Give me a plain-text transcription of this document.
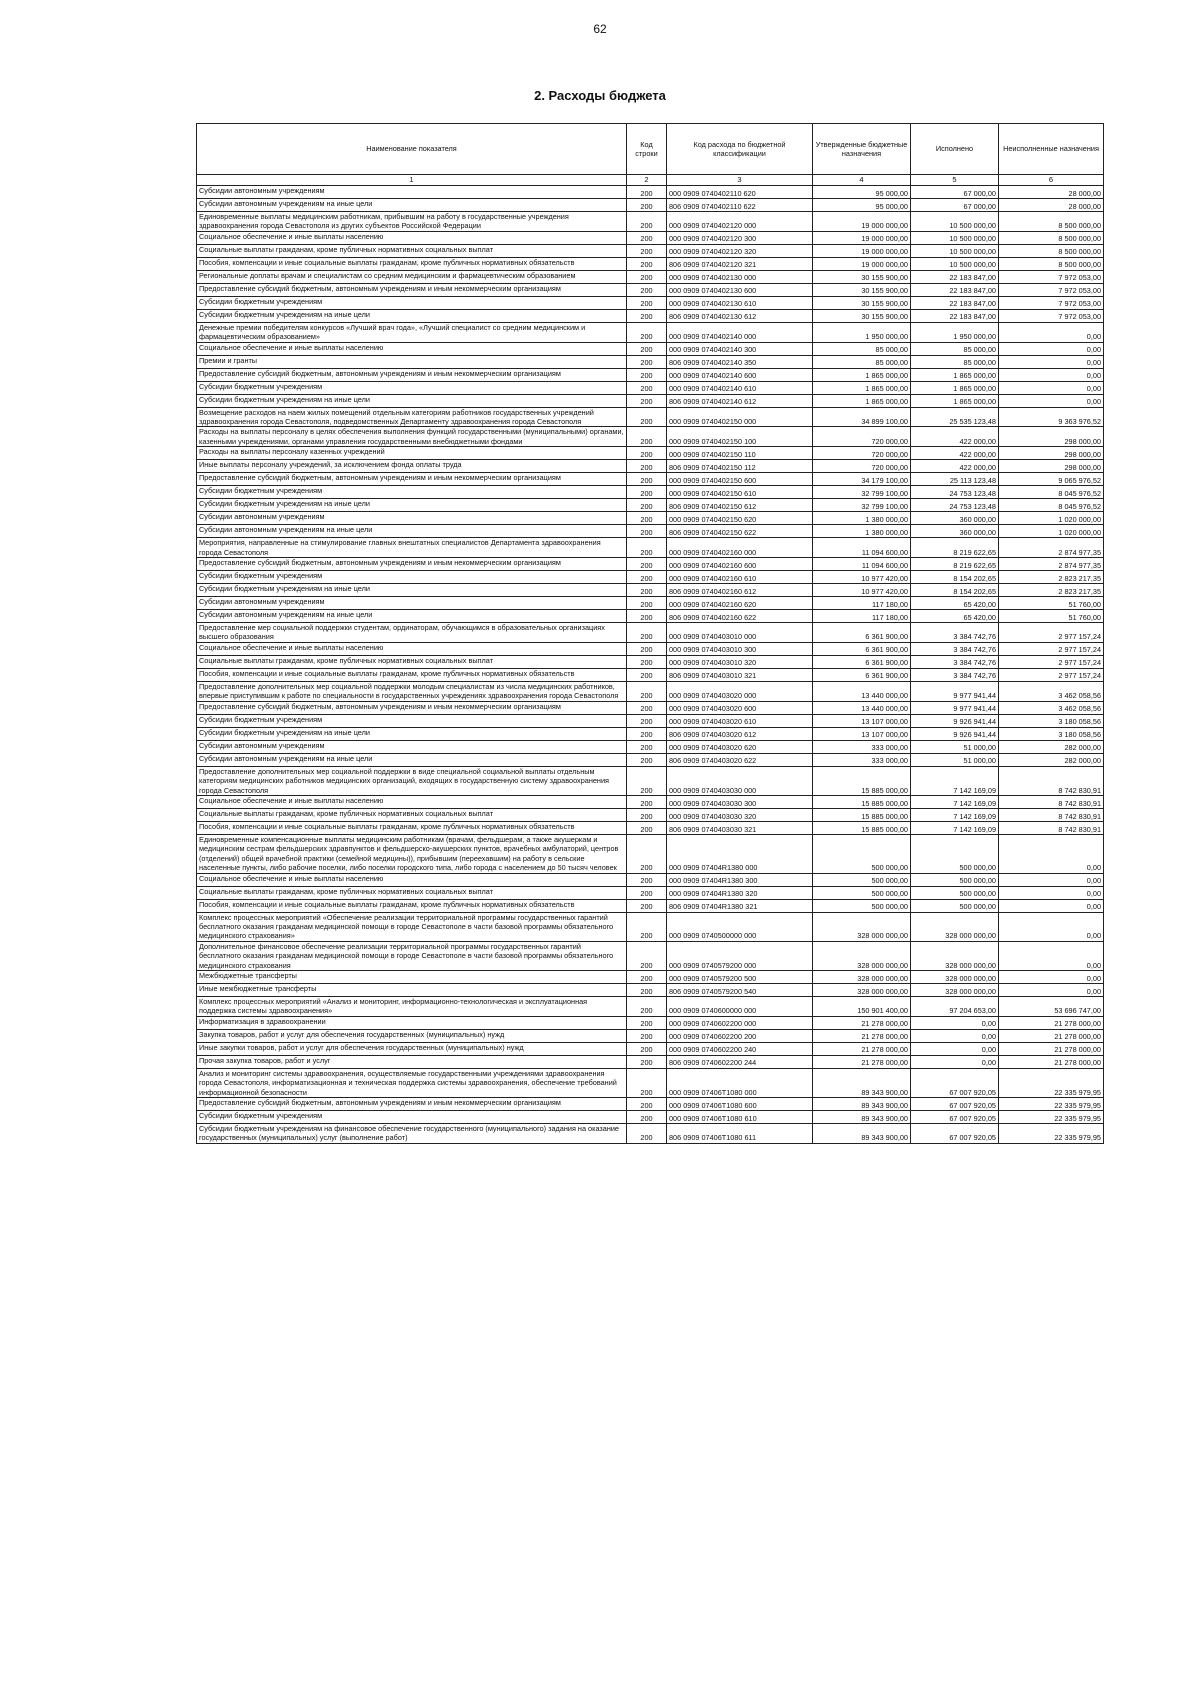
62
2. Расходы бюджета
Наименование показателя	Код строки	Код расхода по бюджетной классификации	Утвержденные бюджетные назначения	Исполнено	Неисполненные назначения
1	2	3	4	5	6
Субсидии автономным учреждениям	200	000 0909 0740402110 620	95 000,00	67 000,00	28 000,00
Субсидии автономным учреждениям на иные цели	200	806 0909 0740402110 622	95 000,00	67 000,00	28 000,00
Единовременные выплаты медицинским работникам, прибывшим на работу в государственные учреждения здравоохранения города Севастополя из других субъектов Российской Федерации	200	000 0909 0740402120 000	19 000 000,00	10 500 000,00	8 500 000,00
Социальное обеспечение и иные выплаты населению	200	000 0909 0740402120 300	19 000 000,00	10 500 000,00	8 500 000,00
Социальные выплаты гражданам, кроме публичных нормативных социальных выплат	200	000 0909 0740402120 320	19 000 000,00	10 500 000,00	8 500 000,00
Пособия, компенсации и иные социальные выплаты гражданам, кроме публичных нормативных обязательств	200	806 0909 0740402120 321	19 000 000,00	10 500 000,00	8 500 000,00
Региональные доплаты врачам и специалистам со средним медицинским и фармацевтическим образованием	200	000 0909 0740402130 000	30 155 900,00	22 183 847,00	7 972 053,00
Предоставление субсидий бюджетным, автономным учреждениям и иным некоммерческим организациям	200	000 0909 0740402130 600	30 155 900,00	22 183 847,00	7 972 053,00
Субсидии бюджетным учреждениям	200	000 0909 0740402130 610	30 155 900,00	22 183 847,00	7 972 053,00
Субсидии бюджетным учреждениям на иные цели	200	806 0909 0740402130 612	30 155 900,00	22 183 847,00	7 972 053,00
Денежные премии победителям конкурсов «Лучший врач года», «Лучший специалист со средним медицинским и фармацевтическим образованием»	200	000 0909 0740402140 000	1 950 000,00	1 950 000,00	0,00
Социальное обеспечение и иные выплаты населению	200	000 0909 0740402140 300	85 000,00	85 000,00	0,00
Премии и гранты	200	806 0909 0740402140 350	85 000,00	85 000,00	0,00
Предоставление субсидий бюджетным, автономным учреждениям и иным некоммерческим организациям	200	000 0909 0740402140 600	1 865 000,00	1 865 000,00	0,00
Субсидии бюджетным учреждениям	200	000 0909 0740402140 610	1 865 000,00	1 865 000,00	0,00
Субсидии бюджетным учреждениям на иные цели	200	806 0909 0740402140 612	1 865 000,00	1 865 000,00	0,00
Возмещение расходов на наем жилых помещений отдельным категориям работников государственных учреждений здравоохранения города Севастополя, подведомственных Департаменту здравоохранения города Севастополя	200	000 0909 0740402150 000	34 899 100,00	25 535 123,48	9 363 976,52
Расходы на выплаты персоналу в целях обеспечения выполнения функций государственными (муниципальными) органами, казенными учреждениями, органами управления государственными внебюджетными фондами	200	000 0909 0740402150 100	720 000,00	422 000,00	298 000,00
Расходы на выплаты персоналу казенных учреждений	200	000 0909 0740402150 110	720 000,00	422 000,00	298 000,00
Иные выплаты персоналу учреждений, за исключением фонда оплаты труда	200	806 0909 0740402150 112	720 000,00	422 000,00	298 000,00
Предоставление субсидий бюджетным, автономным учреждениям и иным некоммерческим организациям	200	000 0909 0740402150 600	34 179 100,00	25 113 123,48	9 065 976,52
Субсидии бюджетным учреждениям	200	000 0909 0740402150 610	32 799 100,00	24 753 123,48	8 045 976,52
Субсидии бюджетным учреждениям на иные цели	200	806 0909 0740402150 612	32 799 100,00	24 753 123,48	8 045 976,52
Субсидии автономным учреждениям	200	000 0909 0740402150 620	1 380 000,00	360 000,00	1 020 000,00
Субсидии автономным учреждениям на иные цели	200	806 0909 0740402150 622	1 380 000,00	360 000,00	1 020 000,00
Мероприятия, направленные на стимулирование главных внештатных специалистов Департамента здравоохранения города Севастополя	200	000 0909 0740402160 000	11 094 600,00	8 219 622,65	2 874 977,35
Предоставление субсидий бюджетным, автономным учреждениям и иным некоммерческим организациям	200	000 0909 0740402160 600	11 094 600,00	8 219 622,65	2 874 977,35
Субсидии бюджетным учреждениям	200	000 0909 0740402160 610	10 977 420,00	8 154 202,65	2 823 217,35
Субсидии бюджетным учреждениям на иные цели	200	806 0909 0740402160 612	10 977 420,00	8 154 202,65	2 823 217,35
Субсидии автономным учреждениям	200	000 0909 0740402160 620	117 180,00	65 420,00	51 760,00
Субсидии автономным учреждениям на иные цели	200	806 0909 0740402160 622	117 180,00	65 420,00	51 760,00
Предоставление мер социальной поддержки студентам, ординаторам, обучающимся в образовательных организациях высшего образования	200	000 0909 0740403010 000	6 361 900,00	3 384 742,76	2 977 157,24
Социальное обеспечение и иные выплаты населению	200	000 0909 0740403010 300	6 361 900,00	3 384 742,76	2 977 157,24
Социальные выплаты гражданам, кроме публичных нормативных социальных выплат	200	000 0909 0740403010 320	6 361 900,00	3 384 742,76	2 977 157,24
Пособия, компенсации и иные социальные выплаты гражданам, кроме публичных нормативных обязательств	200	806 0909 0740403010 321	6 361 900,00	3 384 742,76	2 977 157,24
Предоставление дополнительных мер социальной поддержки молодым специалистам из числа медицинских работников, впервые приступившим к работе по специальности в государственных учреждениях здравоохранения города Севастополя	200	000 0909 0740403020 000	13 440 000,00	9 977 941,44	3 462 058,56
Предоставление субсидий бюджетным, автономным учреждениям и иным некоммерческим организациям	200	000 0909 0740403020 600	13 440 000,00	9 977 941,44	3 462 058,56
Субсидии бюджетным учреждениям	200	000 0909 0740403020 610	13 107 000,00	9 926 941,44	3 180 058,56
Субсидии бюджетным учреждениям на иные цели	200	806 0909 0740403020 612	13 107 000,00	9 926 941,44	3 180 058,56
Субсидии автономным учреждениям	200	000 0909 0740403020 620	333 000,00	51 000,00	282 000,00
Субсидии автономным учреждениям на иные цели	200	806 0909 0740403020 622	333 000,00	51 000,00	282 000,00
Предоставление дополнительных мер социальной поддержки в виде специальной социальной выплаты отдельным категориям медицинских работников медицинских организаций, входящих в государственную систему здравоохранения города Севастополя	200	000 0909 0740403030 000	15 885 000,00	7 142 169,09	8 742 830,91
Социальное обеспечение и иные выплаты населению	200	000 0909 0740403030 300	15 885 000,00	7 142 169,09	8 742 830,91
Социальные выплаты гражданам, кроме публичных нормативных социальных выплат	200	000 0909 0740403030 320	15 885 000,00	7 142 169,09	8 742 830,91
Пособия, компенсации и иные социальные выплаты гражданам, кроме публичных нормативных обязательств	200	806 0909 0740403030 321	15 885 000,00	7 142 169,09	8 742 830,91
Единовременные компенсационные выплаты медицинским работникам (врачам, фельдшерам, а также акушеркам и медицинским сестрам фельдшерских здравпунктов и фельдшерско-акушерских пунктов, врачебных амбулаторий, центров (отделений) общей врачебной практики (семейной медицины)), прибывшим (переехавшим) на работу в сельские населенные пункты, либо рабочие поселки, либо поселки городского типа, либо города с населением до 50 тысяч человек	200	000 0909 07404R1380 000	500 000,00	500 000,00	0,00
Социальное обеспечение и иные выплаты населению	200	000 0909 07404R1380 300	500 000,00	500 000,00	0,00
Социальные выплаты гражданам, кроме публичных нормативных социальных выплат	200	000 0909 07404R1380 320	500 000,00	500 000,00	0,00
Пособия, компенсации и иные социальные выплаты гражданам, кроме публичных нормативных обязательств	200	806 0909 07404R1380 321	500 000,00	500 000,00	0,00
Комплекс процессных мероприятий «Обеспечение реализации территориальной программы государственных гарантий бесплатного оказания гражданам медицинской помощи в городе Севастополе в части базовой программы обязательного медицинского страхования»	200	000 0909 0740500000 000	328 000 000,00	328 000 000,00	0,00
Дополнительное финансовое обеспечение реализации территориальной программы государственных гарантий бесплатного оказания гражданам медицинской помощи в городе Севастополе в части базовой программы обязательного медицинского страхования	200	000 0909 0740579200 000	328 000 000,00	328 000 000,00	0,00
Межбюджетные трансферты	200	000 0909 0740579200 500	328 000 000,00	328 000 000,00	0,00
Иные межбюджетные трансферты	200	806 0909 0740579200 540	328 000 000,00	328 000 000,00	0,00
Комплекс процессных мероприятий «Анализ и мониторинг, информационно-технологическая и эксплуатационная поддержка системы здравоохранения»	200	000 0909 0740600000 000	150 901 400,00	97 204 653,00	53 696 747,00
Информатизация в здравоохранении	200	000 0909 0740602200 000	21 278 000,00	0,00	21 278 000,00
Закупка товаров, работ и услуг для обеспечения государственных (муниципальных) нужд	200	000 0909 0740602200 200	21 278 000,00	0,00	21 278 000,00
Иные закупки товаров, работ и услуг для обеспечения государственных (муниципальных) нужд	200	000 0909 0740602200 240	21 278 000,00	0,00	21 278 000,00
Прочая закупка товаров, работ и услуг	200	806 0909 0740602200 244	21 278 000,00	0,00	21 278 000,00
Анализ и мониторинг системы здравоохранения, осуществляемые государственными учреждениями здравоохранения города Севастополя, информатизационная и техническая поддержка системы здравоохранения, обеспечение требований информационной безопасности	200	000 0909 07406Т1080 000	89 343 900,00	67 007 920,05	22 335 979,95
Предоставление субсидий бюджетным, автономным учреждениям и иным некоммерческим организациям	200	000 0909 07406Т1080 600	89 343 900,00	67 007 920,05	22 335 979,95
Субсидии бюджетным учреждениям	200	000 0909 07406Т1080 610	89 343 900,00	67 007 920,05	22 335 979,95
Субсидии бюджетным учреждениям на финансовое обеспечение государственного (муниципального) задания на оказание государственных (муниципальных) услуг (выполнение работ)	200	806 0909 07406Т1080 611	89 343 900,00	67 007 920,05	22 335 979,95
